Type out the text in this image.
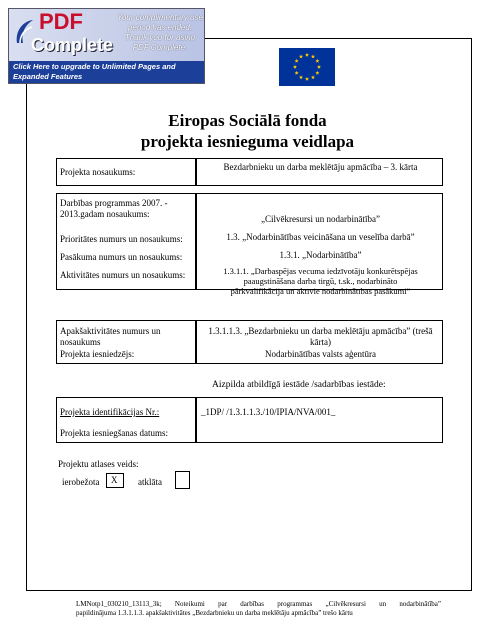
PDF
Complete
Your complimentary use period has ended. Thank you for using PDF Complete.
Click Here to upgrade to Unlimited Pages and Expanded Features
Eiropas Sociālā fonda
projekta iesnieguma veidlapa
Projekta nosaukums:	Bezdarbnieku un darba meklētāju apmācība – 3. kārta
Darbības programmas 2007. - 2013.gadam nosaukums:
Prioritātes numurs un nosaukums:
Pasākuma numurs un nosaukums:
Aktivitātes numurs un nosaukums:
„Cilvēkresursi un nodarbinātība”
1.3. „Nodarbinātības veicināšana un veselība darbā”
1.3.1. „Nodarbinātība”
1.3.1.1. „Darbaspējas vecuma iedzīvotāju konkurētspējas paaugstināšana darba tirgū, t.sk., nodarbināto pārkvalifikācija un aktīvie nodarbinātības pasākumi”
Apakšaktivitātes numurs un nosaukums
Projekta iesniedzējs:
1.3.1.1.3. „Bezdarbnieku un darba meklētāju apmācība” (trešā kārta)
Nodarbinātības valsts aģentūra
Aizpilda atbildīgā iestāde /sadarbības iestāde:
Projekta identifikācijas Nr.:
Projekta iesniegšanas datums:
_1DP/ /1.3.1.1.3./10/IPIA/NVA/001_
Projektu atlases veids:
ierobežota X atklāta
LMNotp1_030210_13113_3k; Noteikumi par darbības programmas „Cilvēkresursi un nodarbinātība”
papildinājuma 1.3.1.1.3. apakšaktivitātes „Bezdarbnieku un darba meklētāju apmācība” trešo kārtu
